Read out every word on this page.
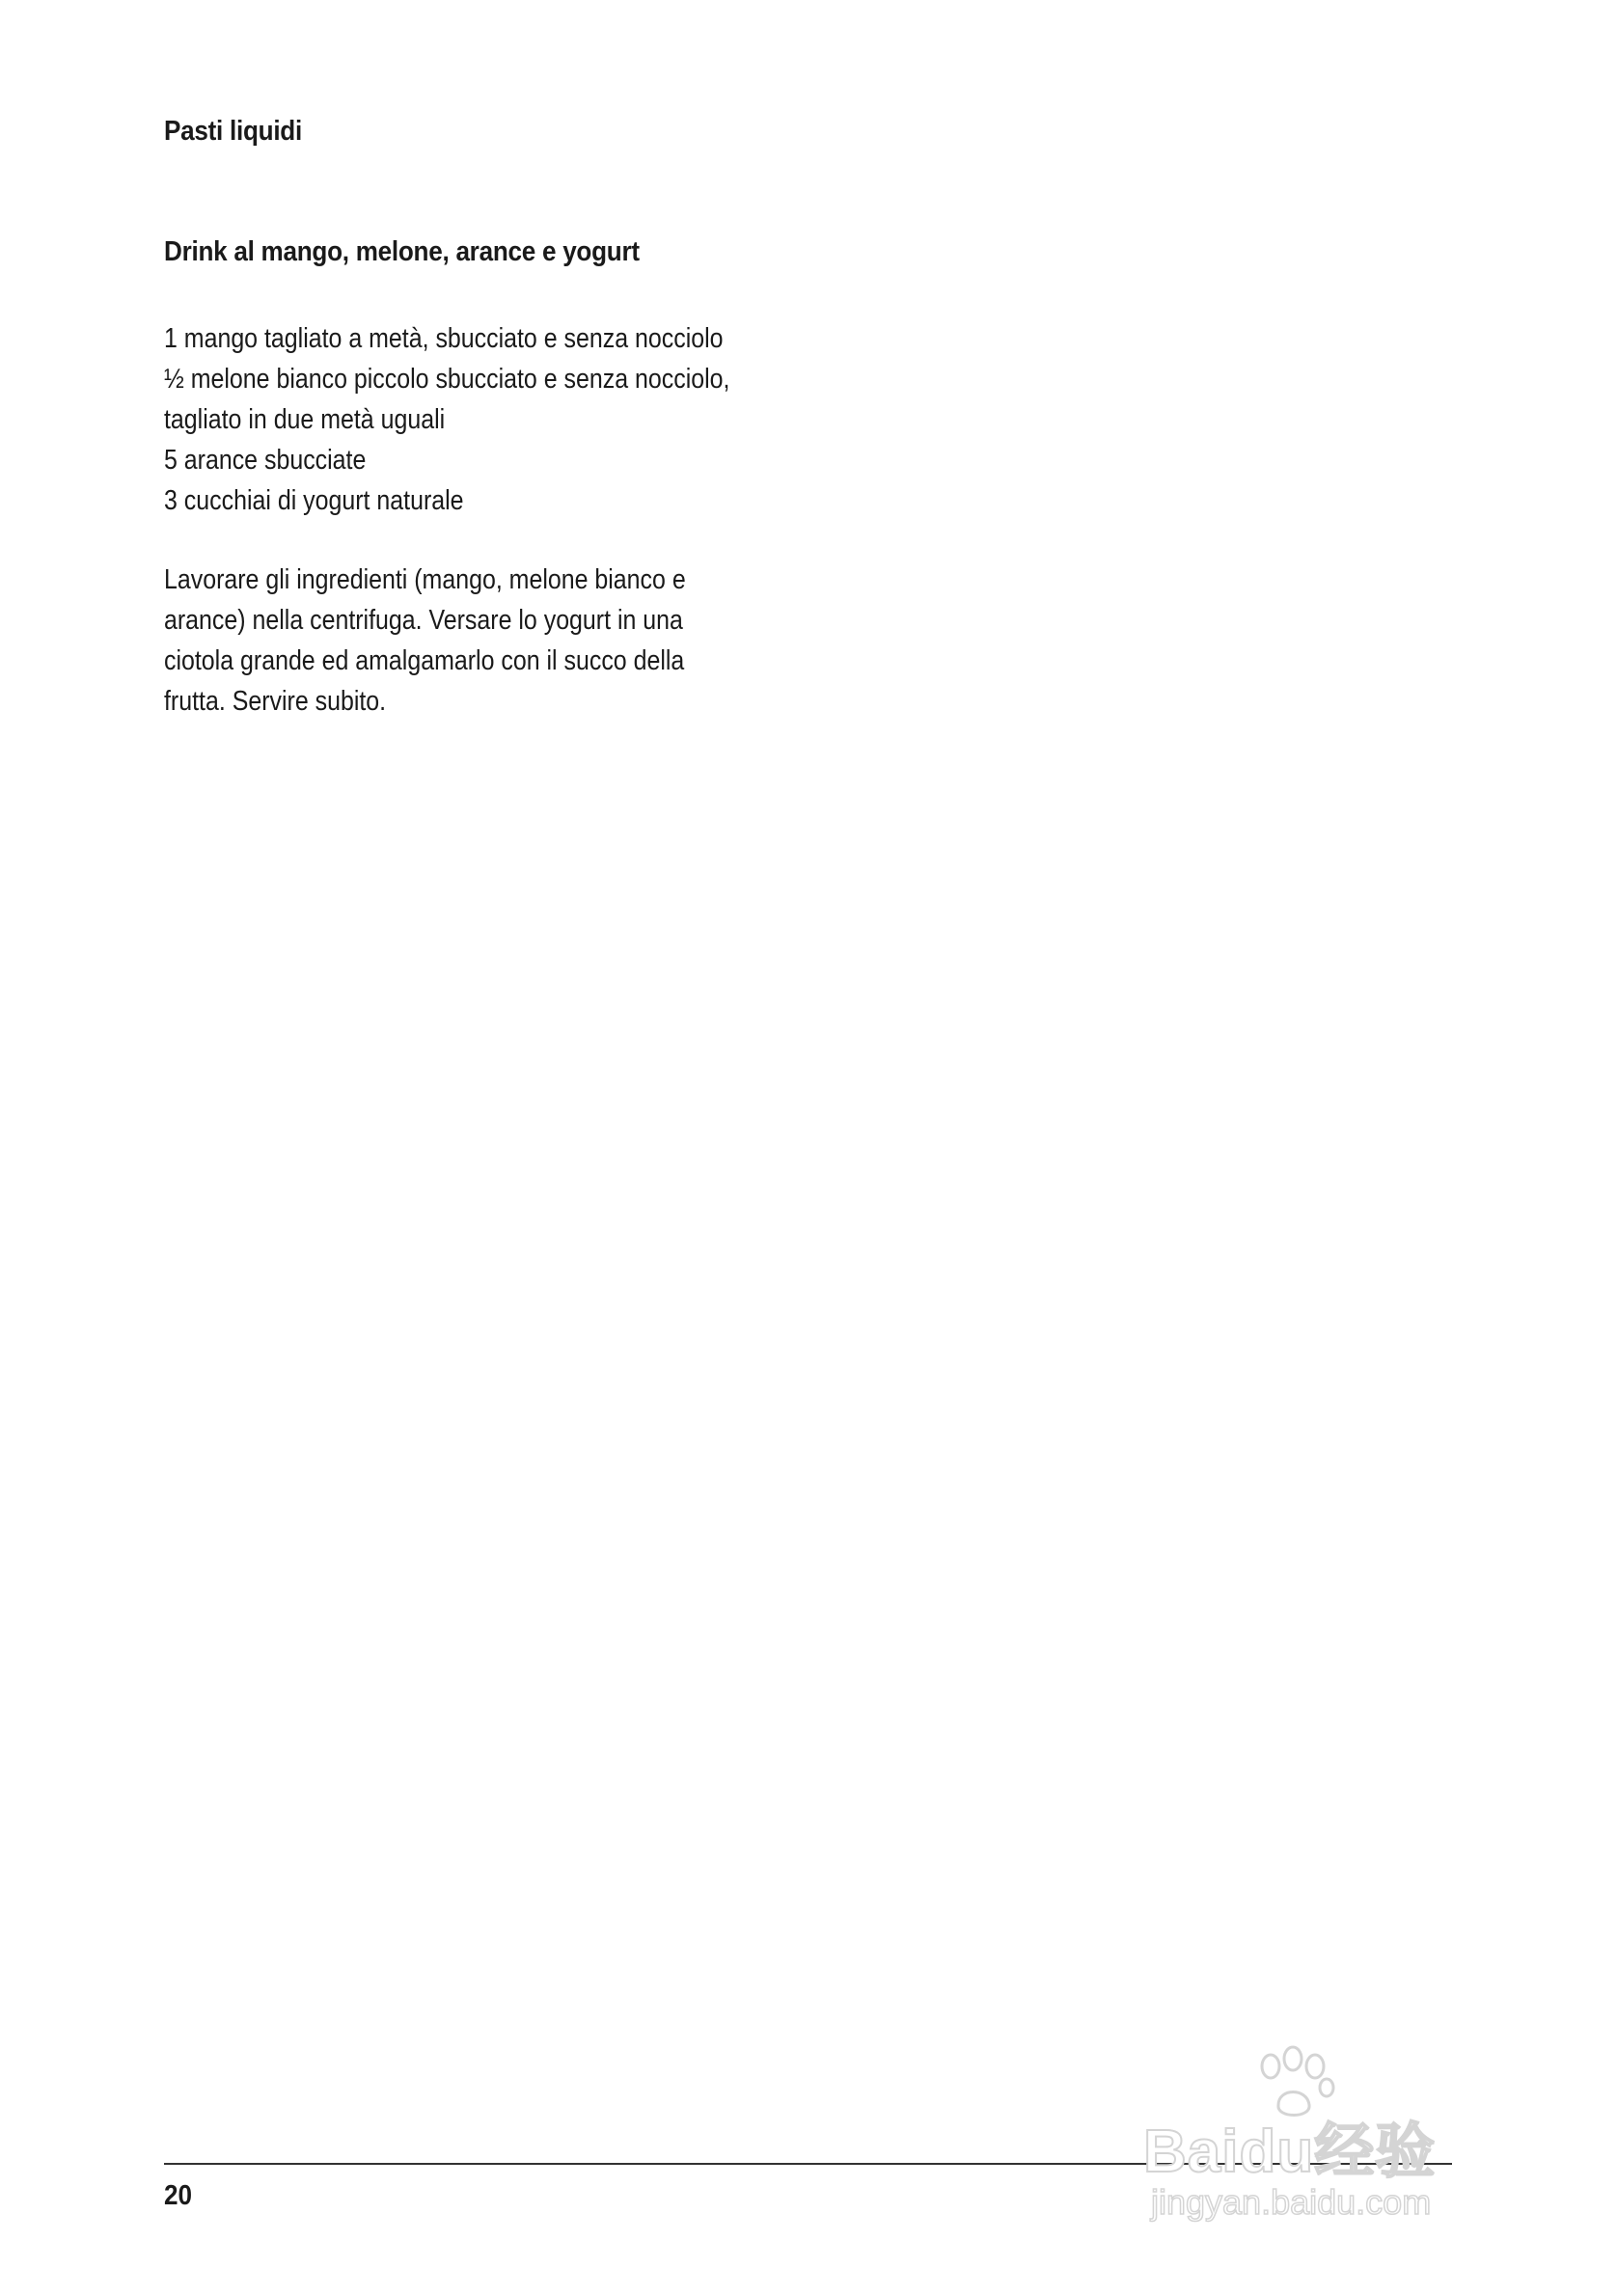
Pasti liquidi
Drink al mango, melone, arance e yogurt
1 mango tagliato a metà, sbucciato e senza nocciolo
½ melone bianco piccolo sbucciato e senza nocciolo,
tagliato in due metà uguali
5 arance sbucciate
3 cucchiai di yogurt naturale

Lavorare gli ingredienti (mango, melone bianco e
arance) nella centrifuga. Versare lo yogurt in una
ciotola grande ed amalgamarlo con il succo della
frutta. Servire subito.

20
Baidu经验
jingyan.baidu.com
